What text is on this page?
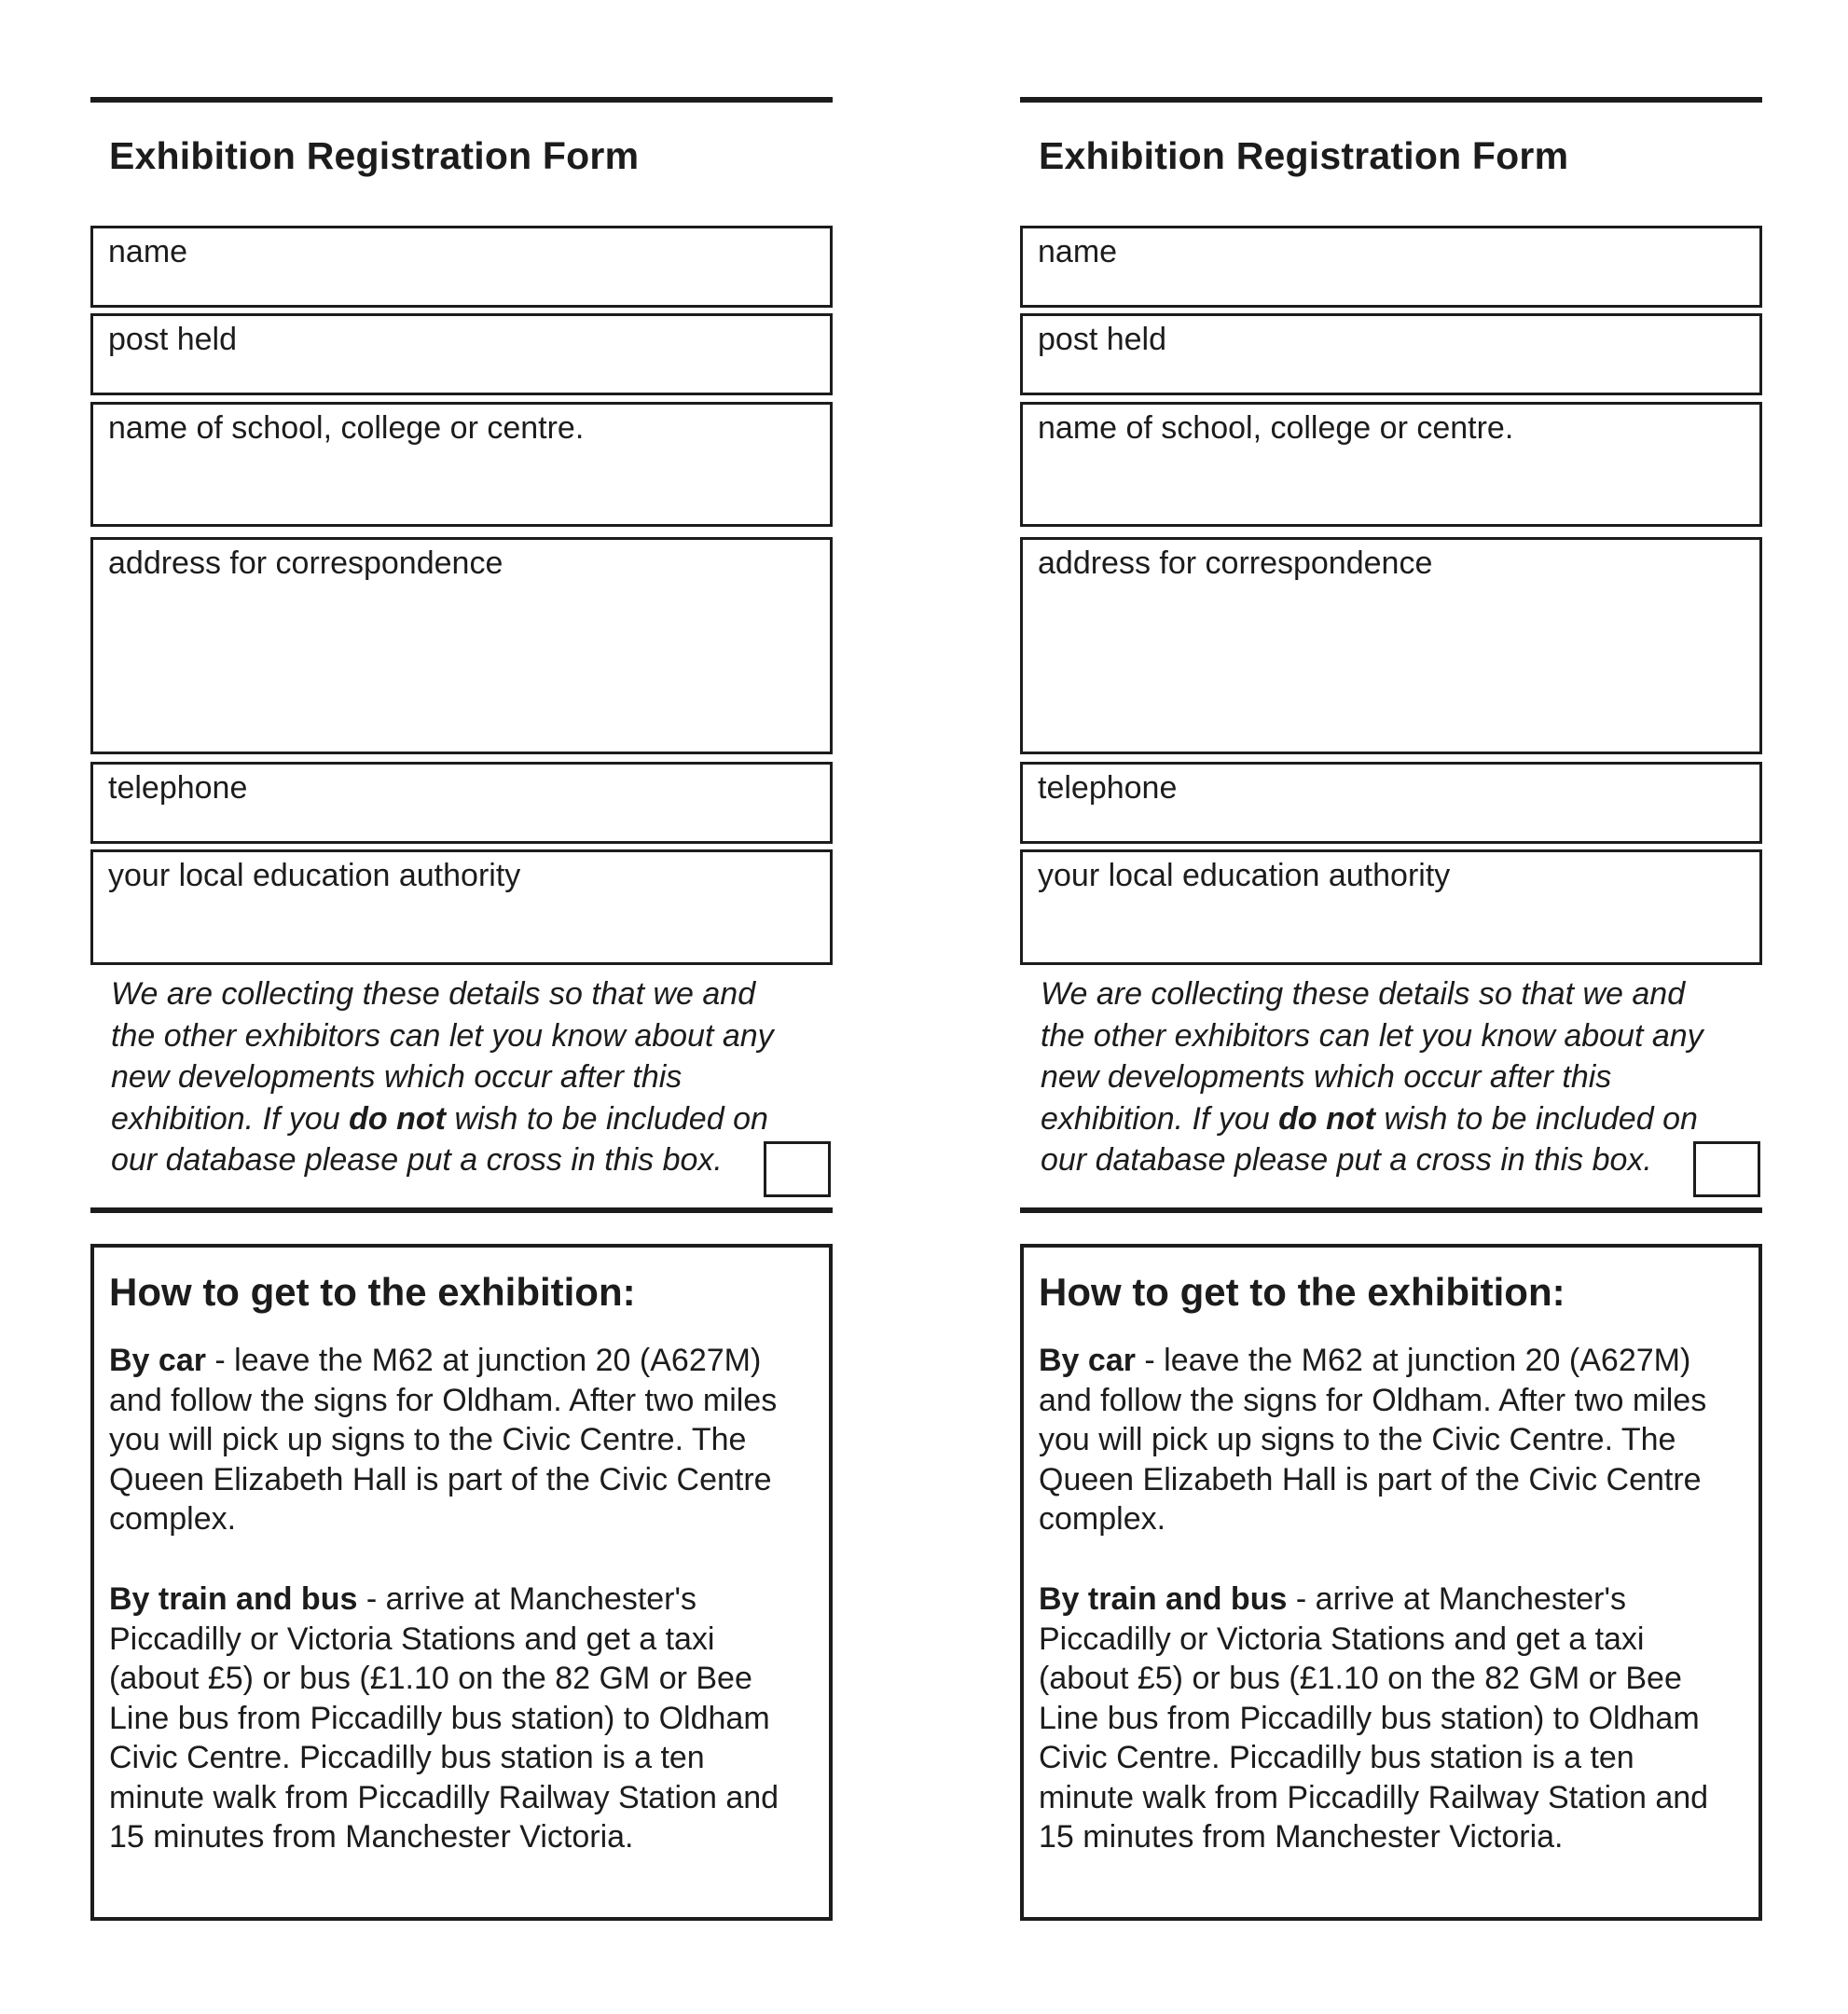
Exhibition Registration Form
name
post held
name of school, college or centre.
address for correspondence
telephone
your local education authority
We are collecting these details so that we and
the other exhibitors can let you know about any
new developments which occur after this
exhibition. If you do not wish to be included on
our database please put a cross in this box.
How to get to the exhibition:
By car - leave the M62 at junction 20 (A627M)
and follow the signs for Oldham. After two miles
you will pick up signs to the Civic Centre. The
Queen Elizabeth Hall is part of the Civic Centre
complex.
By train and bus - arrive at Manchester's
Piccadilly or Victoria Stations and get a taxi
(about £5) or bus (£1.10 on the 82 GM or Bee
Line bus from Piccadilly bus station) to Oldham
Civic Centre. Piccadilly bus station is a ten
minute walk from Piccadilly Railway Station and
15 minutes from Manchester Victoria.
Exhibition Registration Form
name
post held
name of school, college or centre.
address for correspondence
telephone
your local education authority
We are collecting these details so that we and
the other exhibitors can let you know about any
new developments which occur after this
exhibition. If you do not wish to be included on
our database please put a cross in this box.
How to get to the exhibition:
By car - leave the M62 at junction 20 (A627M)
and follow the signs for Oldham. After two miles
you will pick up signs to the Civic Centre. The
Queen Elizabeth Hall is part of the Civic Centre
complex.
By train and bus - arrive at Manchester's
Piccadilly or Victoria Stations and get a taxi
(about £5) or bus (£1.10 on the 82 GM or Bee
Line bus from Piccadilly bus station) to Oldham
Civic Centre. Piccadilly bus station is a ten
minute walk from Piccadilly Railway Station and
15 minutes from Manchester Victoria.
